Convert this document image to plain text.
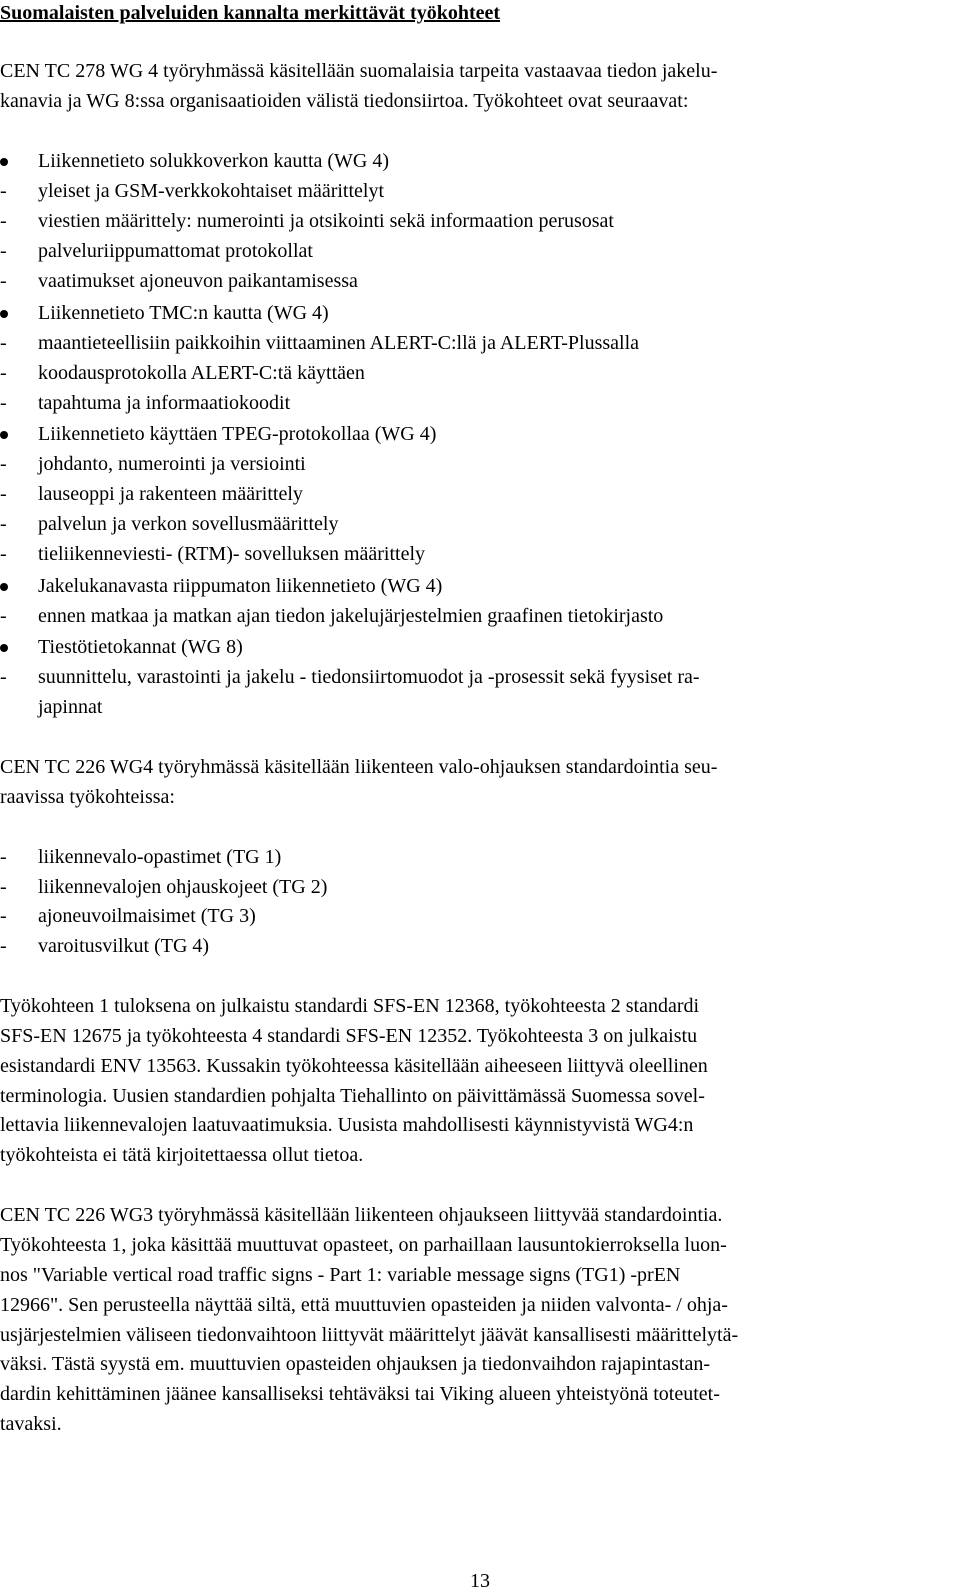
Suomalaisten palveluiden kannalta merkittävät työkohteet
CEN TC 278 WG 4 työryhmässä käsitellään suomalaisia tarpeita vastaavaa tiedon jakelu-
kanavia ja WG 8:ssa organisaatioiden välistä tiedonsiirtoa. Työkohteet ovat seuraavat:
Liikennetieto solukkoverkon kautta (WG 4)
- yleiset ja GSM-verkkokohtaiset määrittelyt
- viestien määrittely: numerointi ja otsikointi sekä informaation perusosat
- palveluriippumattomat protokollat
- vaatimukset ajoneuvon paikantamisessa
Liikennetieto TMC:n kautta (WG 4)
- maantieteellisiin paikkoihin viittaaminen ALERT-C:llä ja ALERT-Plussalla
- koodausprotokolla ALERT-C:tä käyttäen
- tapahtuma ja informaatiokoodit
Liikennetieto käyttäen TPEG-protokollaa (WG 4)
- johdanto, numerointi ja versiointi
- lauseoppi ja rakenteen määrittely
- palvelun ja verkon sovellusmäärittely
- tieliikenneviesti- (RTM)- sovelluksen määrittely
Jakelukanavasta riippumaton liikennetieto (WG 4)
- ennen matkaa ja matkan ajan tiedon jakelujärjestelmien graafinen tietokirjasto
Tiestötietokannat (WG 8)
- suunnittelu, varastointi ja jakelu - tiedonsiirtomuodot ja -prosessit sekä fyysiset ra-
japinnat
CEN TC 226 WG4 työryhmässä käsitellään liikenteen valo-ohjauksen standardointia seu-
raavissa työkohteissa:
- liikennevalo-opastimet (TG 1)
- liikennevalojen ohjauskojeet (TG 2)
- ajoneuvoilmaisimet (TG 3)
- varoitusvilkut (TG 4)
Työkohteen 1 tuloksena on julkaistu standardi SFS-EN 12368, työkohteesta 2 standardi
SFS-EN 12675 ja työkohteesta 4 standardi SFS-EN 12352. Työkohteesta 3 on julkaistu
esistandardi ENV 13563. Kussakin työkohteessa käsitellään aiheeseen liittyvä oleellinen
terminologia. Uusien standardien pohjalta Tiehallinto on päivittämässä Suomessa sovel-
lettavia liikennevalojen laatuvaatimuksia. Uusista mahdollisesti käynnistyvistä WG4:n
työkohteista ei tätä kirjoitettaessa ollut tietoa.
CEN TC 226 WG3 työryhmässä käsitellään liikenteen ohjaukseen liittyvää standardointia.
Työkohteesta 1, joka käsittää muuttuvat opasteet, on parhaillaan lausuntokierroksella luon-
nos "Variable vertical road traffic signs - Part 1: variable message signs (TG1) -prEN
12966". Sen perusteella näyttää siltä, että muuttuvien opasteiden ja niiden valvonta- / ohja-
usjärjestelmien väliseen tiedonvaihtoon liittyvät määrittelyt jäävät kansallisesti määrittelytä-
väksi. Tästä syystä em. muuttuvien opasteiden ohjauksen ja tiedonvaihdon rajapintastan-
dardin kehittäminen jäänee kansalliseksi tehtäväksi tai Viking alueen yhteistyönä toteutet-
tavaksi.
13
